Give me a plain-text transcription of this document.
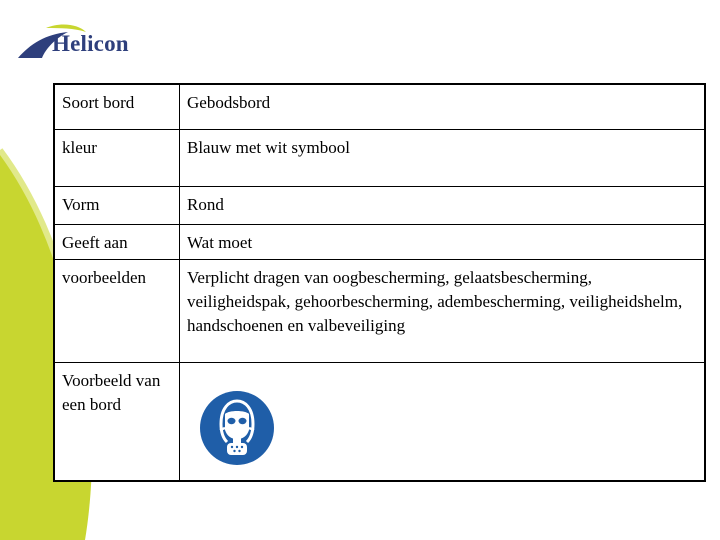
Helicon
Soort bord	Gebodsbord
kleur	Blauw met wit symbool
Vorm	Rond
Geeft aan	Wat moet
voorbeelden	Verplicht dragen van oogbescherming, gelaatsbescherming, veiligheidspak, gehoorbescherming, adembescherming, veiligheidshelm, handschoenen en valbeveiliging
Voorbeeld van een bord	
